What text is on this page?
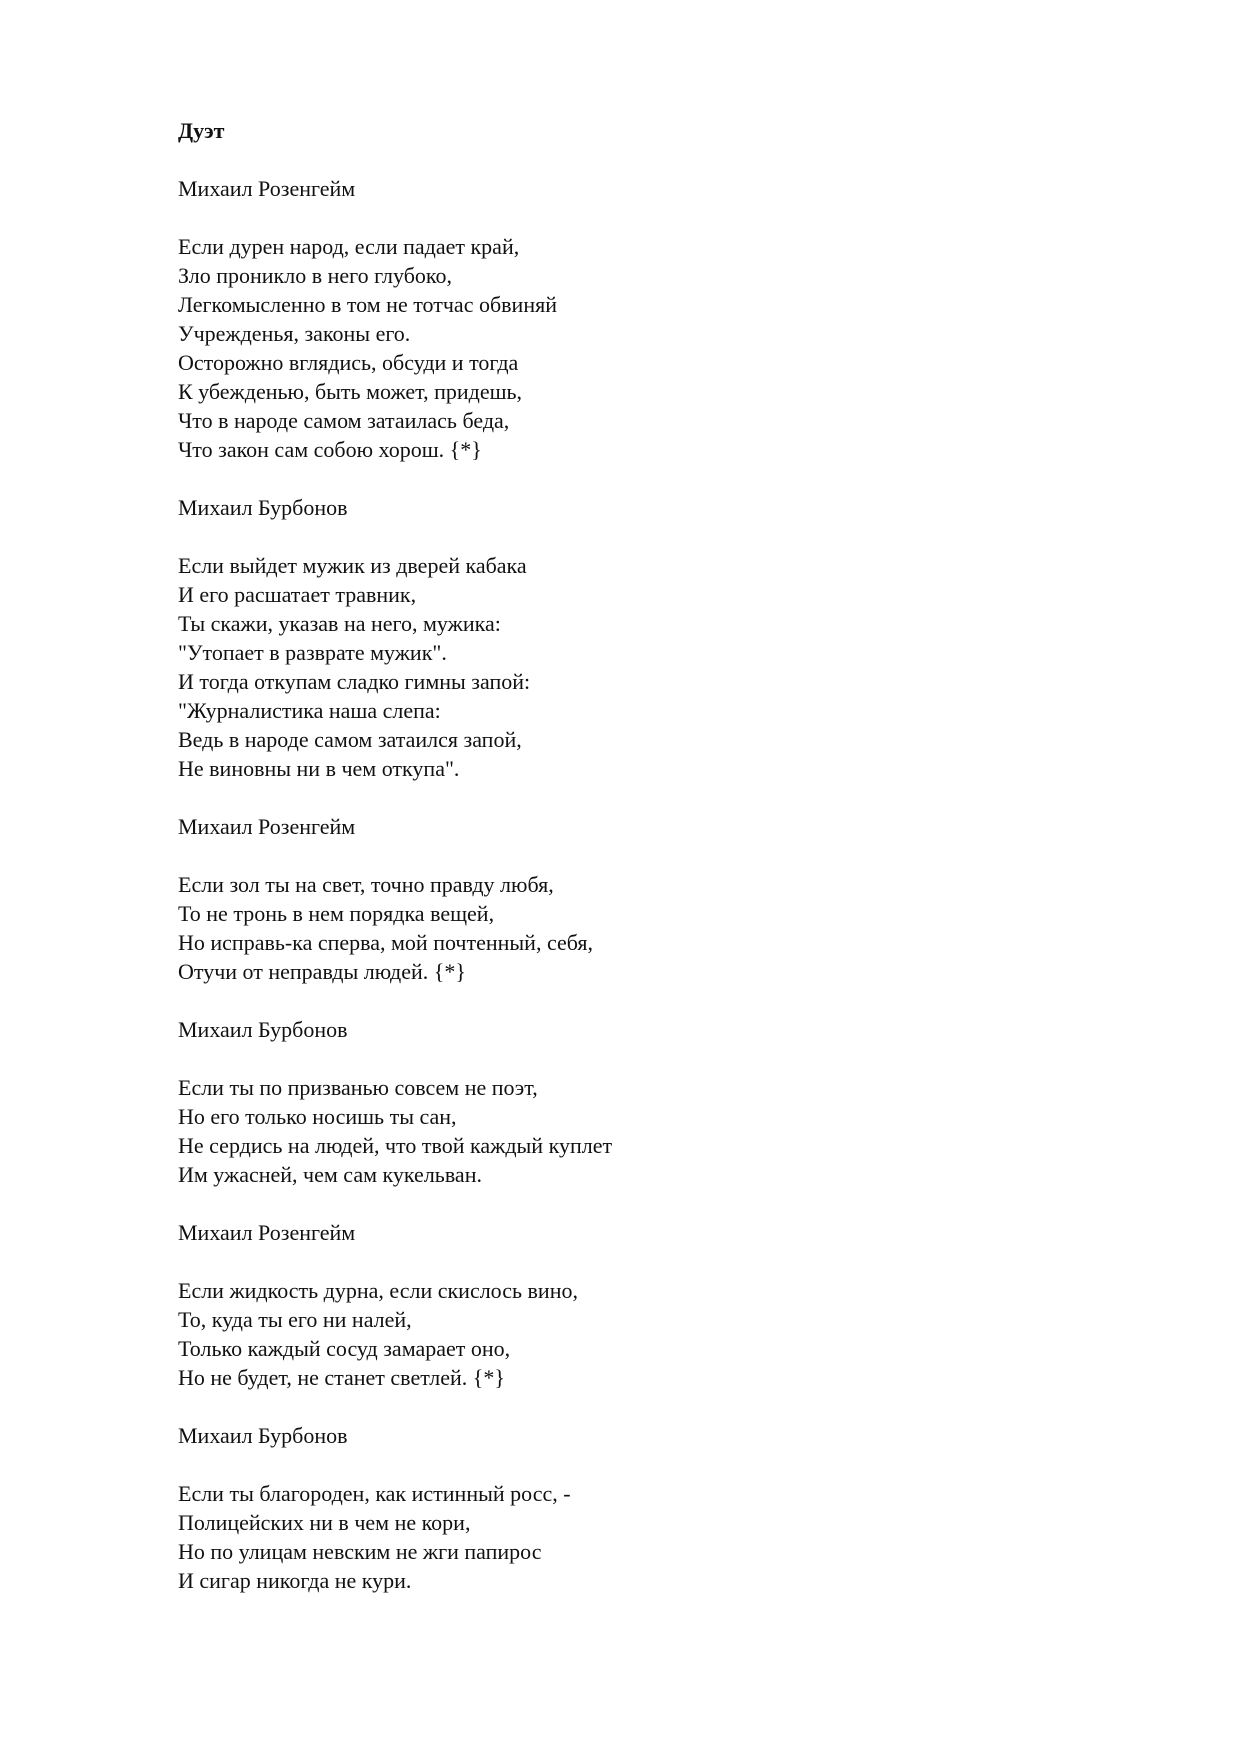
Дуэт
Михаил Розенгейм
Если дурен народ, если падает край,
Зло проникло в него глубоко,
Легкомысленно в том не тотчас обвиняй
Учрежденья, законы его.
Осторожно вглядись, обсуди и тогда
К убежденью, быть может, придешь,
Что в народе самом затаилась беда,
Что закон сам собою хорош. {*}
Михаил Бурбонов
Если выйдет мужик из дверей кабака
И его расшатает травник,
Ты скажи, указав на него, мужика:
"Утопает в разврате мужик".
И тогда откупам сладко гимны запой:
"Журналистика наша слепа:
Ведь в народе самом затаился запой,
Не виновны ни в чем откупа".
Михаил Розенгейм
Если зол ты на свет, точно правду любя,
То не тронь в нем порядка вещей,
Но исправь-ка сперва, мой почтенный, себя,
Отучи от неправды людей. {*}
Михаил Бурбонов
Если ты по призванью совсем не поэт,
Но его только носишь ты сан,
Не сердись на людей, что твой каждый куплет
Им ужасней, чем сам кукельван.
Михаил Розенгейм
Если жидкость дурна, если скислось вино,
То, куда ты его ни налей,
Только каждый сосуд замарает оно,
Но не будет, не станет светлей. {*}
Михаил Бурбонов
Если ты благороден, как истинный росс, -
Полицейских ни в чем не кори,
Но по улицам невским не жги папирос
И сигар никогда не кури.
